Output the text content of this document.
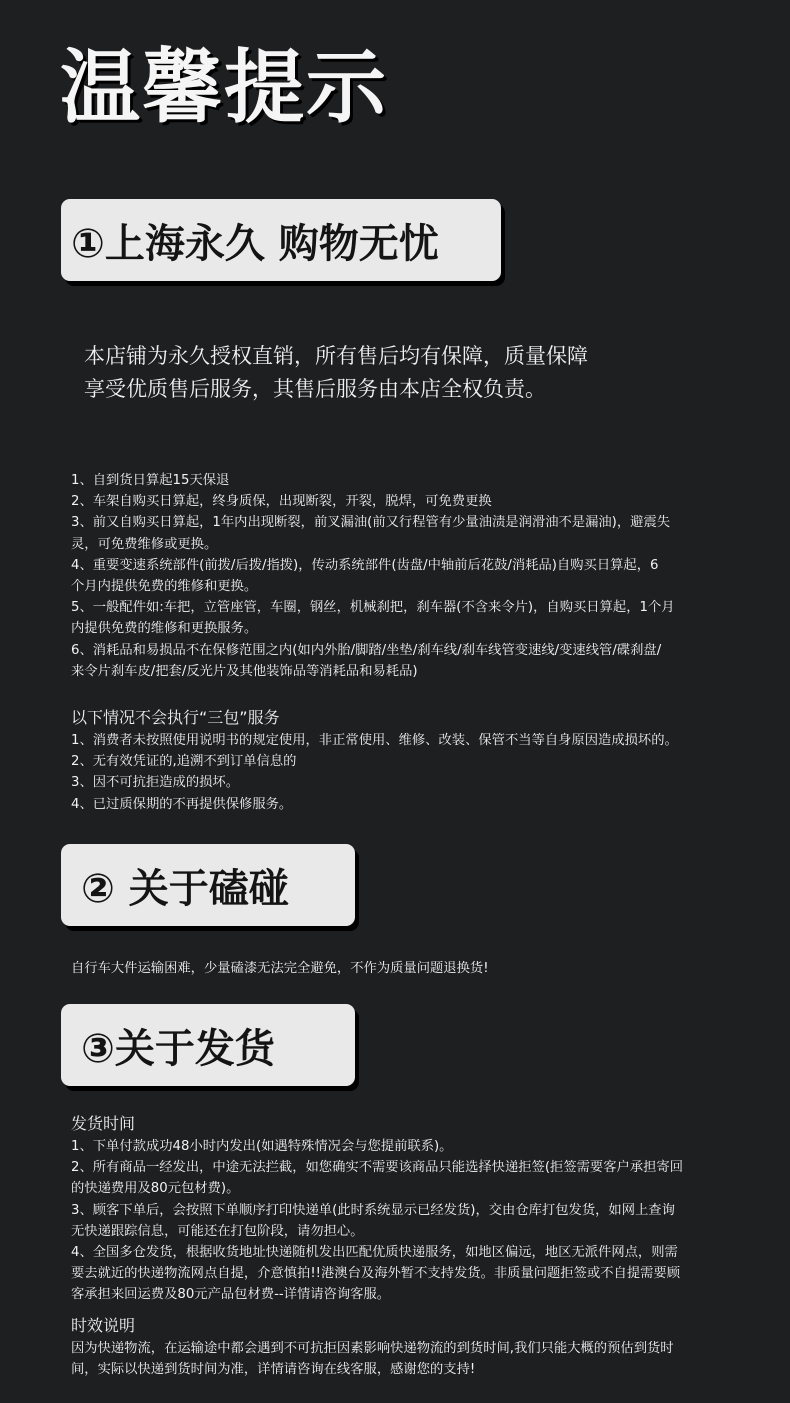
温馨提示
①上海永久 购物无忧
本店铺为永久授权直销，所有售后均有保障，质量保障
享受优质售后服务，其售后服务由本店全权负责。
1、自到货日算起15天保退
2、车架自购买日算起，终身质保，出现断裂，开裂，脱焊，可免费更换
3、前又自购买日算起，1年内出现断裂，前叉漏油(前又行程管有少量油渍是润滑油不是漏油)，避震失
灵，可免费维修或更换。
4、重要变速系统部件(前拨/后拨/指拨)，传动系统部件(齿盘/中轴前后花鼓/消耗品)自购买日算起，6
个月内提供免费的维修和更换。
5、一般配件如:车把，立管座管，车圈，钢丝，机械刹把，刹车器(不含来令片)，自购买日算起，1个月
内提供免费的维修和更换服务。
6、消耗品和易损品不在保修范围之内(如内外胎/脚踏/坐垫/刹车线/刹车线管变速线/变速线管/碟刹盘/
来令片刹车皮/把套/反光片及其他装饰品等消耗品和易耗品)
以下情况不会执行“三包”服务
1、消费者未按照使用说明书的规定使用，非正常使用、维修、改装、保管不当等自身原因造成损坏的。
2、无有效凭证的,追溯不到订单信息的
3、因不可抗拒造成的损坏。
4、已过质保期的不再提供保修服务。
② 关于磕碰
自行车大件运输困难，少量磕漆无法完全避免，不作为质量问题退换货!
③关于发货
发货时间
1、下单付款成功48小时内发出(如遇特殊情况会与您提前联系)。
2、所有商品一经发出，中途无法拦截，如您确实不需要该商品只能选择快递拒签(拒签需要客户承担寄回
的快递费用及80元包材费)。
3、顾客下单后，会按照下单顺序打印快递单(此时系统显示已经发货)，交由仓库打包发货，如网上查询
无快递跟踪信息，可能还在打包阶段，请勿担心。
4、全国多仓发货，根据收货地址快递随机发出匹配优质快递服务，如地区偏远，地区无派件网点，则需
要去就近的快递物流网点自提，介意慎拍!!港澳台及海外暂不支持发货。非质量问题拒签或不自提需要顾
客承担来回运费及80元产品包材费--详情请咨询客服。
时效说明
因为快递物流，在运输途中都会遇到不可抗拒因素影响快递物流的到货时间,我们只能大概的预估到货时
间，实际以快递到货时间为准，详情请咨询在线客服，感谢您的支持!
